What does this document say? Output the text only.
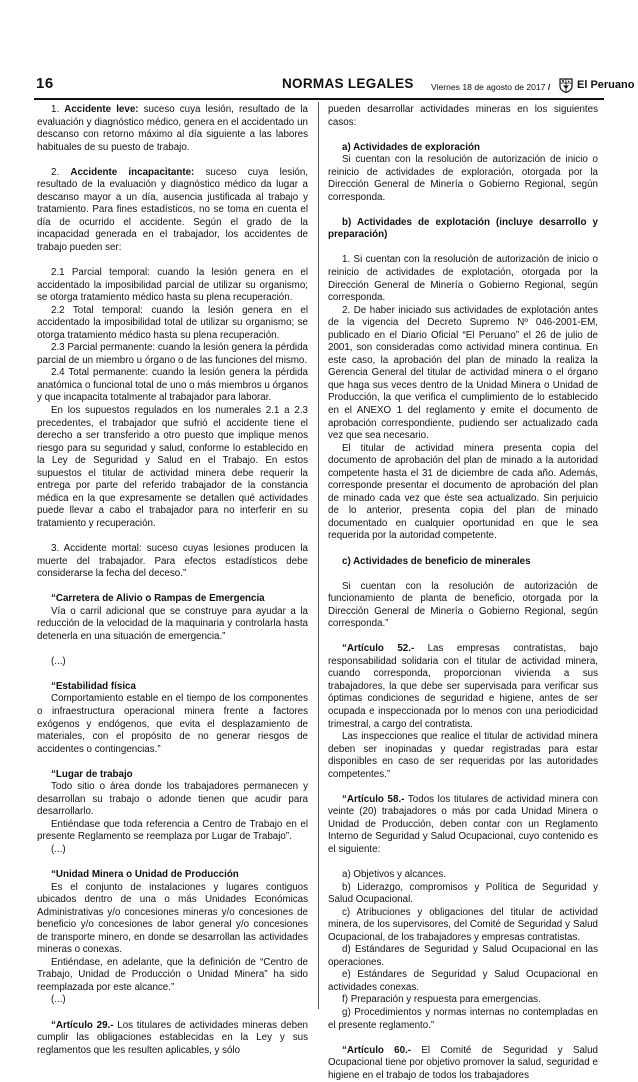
16	NORMAS LEGALES Viernes 18 de agosto de 2017 / El Peruano

1. Accidente leve: suceso cuya lesión, resultado de la evaluación y diagnóstico médico, genera en el accidentado un descanso con retorno máximo al día siguiente a las labores habituales de su puesto de trabajo.

2. Accidente incapacitante: suceso cuya lesión, resultado de la evaluación y diagnóstico médico da lugar a descanso mayor a un día, ausencia justificada al trabajo y tratamiento. Para fines estadísticos, no se toma en cuenta el día de ocurrido el accidente. Según el grado de la incapacidad generada en el trabajador, los accidentes de trabajo pueden ser:

2.1 Parcial temporal: cuando la lesión genera en el accidentado la imposibilidad parcial de utilizar su organismo; se otorga tratamiento médico hasta su plena recuperación.

2.2 Total temporal: cuando la lesión genera en el accidentado la imposibilidad total de utilizar su organismo; se otorga tratamiento médico hasta su plena recuperación.

2.3 Parcial permanente: cuando la lesión genera la pérdida parcial de un miembro u órgano o de las funciones del mismo.

2.4 Total permanente: cuando la lesión genera la pérdida anatómica o funcional total de uno o más miembros u órganos y que incapacita totalmente al trabajador para laborar.

En los supuestos regulados en los numerales 2.1 a 2.3 precedentes, el trabajador que sufrió el accidente tiene el derecho a ser transferido a otro puesto que implique menos riesgo para su seguridad y salud, conforme lo establecido en la Ley de Seguridad y Salud en el Trabajo. En estos supuestos el titular de actividad minera debe requerir la entrega por parte del referido trabajador de la constancia médica en la que expresamente se detallen qué actividades puede llevar a cabo el trabajador para no interferir en su tratamiento y recuperación.

3. Accidente mortal: suceso cuyas lesiones producen la muerte del trabajador. Para efectos estadísticos debe considerarse la fecha del deceso.”

“Carretera de Alivio o Rampas de Emergencia

Vía o carril adicional que se construye para ayudar a la reducción de la velocidad de la maquinaria y controlarla hasta detenerla en una situación de emergencia.”

(...)

“Estabilidad física

Comportamiento estable en el tiempo de los componentes o infraestructura operacional minera frente a factores exógenos y endógenos, que evita el desplazamiento de materiales, con el propósito de no generar riesgos de accidentes o contingencias.”

“Lugar de trabajo

Todo sitio o área donde los trabajadores permanecen y desarrollan su trabajo o adonde tienen que acudir para desarrollarlo.

Entiéndase que toda referencia a Centro de Trabajo en el presente Reglamento se reemplaza por Lugar de Trabajo”.

(...)

“Unidad Minera o Unidad de Producción

Es el conjunto de instalaciones y lugares contiguos ubicados dentro de una o más Unidades Económicas Administrativas y/o concesiones mineras y/o concesiones de beneficio y/o concesiones de labor general y/o concesiones de transporte minero, en donde se desarrollan las actividades mineras o conexas.

Entiéndase, en adelante, que la definición de “Centro de Trabajo, Unidad de Producción o Unidad Minera” ha sido reemplazada por este alcance.”

(...)

“Artículo 29.- Los titulares de actividades mineras deben cumplir las obligaciones establecidas en la Ley y sus reglamentos que les resulten aplicables, y sólo

pueden desarrollar actividades mineras en los siguientes casos:

a) Actividades de exploración

Si cuentan con la resolución de autorización de inicio o reinicio de actividades de exploración, otorgada por la Dirección General de Minería o Gobierno Regional, según corresponda.

b) Actividades de explotación (incluye desarrollo y preparación)

1. Si cuentan con la resolución de autorización de inicio o reinicio de actividades de explotación, otorgada por la Dirección General de Minería o Gobierno Regional, según corresponda.

2. De haber iniciado sus actividades de explotación antes de la vigencia del Decreto Supremo Nº 046-2001-EM, publicado en el Diario Oficial “El Peruano” el 26 de julio de 2001, son consideradas como actividad minera continua. En este caso, la aprobación del plan de minado la realiza la Gerencia General del titular de actividad minera o el órgano que haga sus veces dentro de la Unidad Minera o Unidad de Producción, la que verifica el cumplimiento de lo establecido en el ANEXO 1 del reglamento y emite el documento de aprobación correspondiente, pudiendo ser actualizado cada vez que sea necesario.

El titular de actividad minera presenta copia del documento de aprobación del plan de minado a la autoridad competente hasta el 31 de diciembre de cada año. Además, corresponde presentar el documento de aprobación del plan de minado cada vez que éste sea actualizado. Sin perjuicio de lo anterior, presenta copia del plan de minado documentado en cualquier oportunidad en que le sea requerida por la autoridad competente.

c) Actividades de beneficio de minerales

Si cuentan con la resolución de autorización de funcionamiento de planta de beneficio, otorgada por la Dirección General de Minería o Gobierno Regional, según corresponda.”

“Artículo 52.- Las empresas contratistas, bajo responsabilidad solidaria con el titular de actividad minera, cuando corresponda, proporcionan vivienda a sus trabajadores, la que debe ser supervisada para verificar sus óptimas condiciones de seguridad e higiene, antes de ser ocupada e inspeccionada por lo menos con una periodicidad trimestral, a cargo del contratista.

Las inspecciones que realice el titular de actividad minera deben ser inopinadas y quedar registradas para estar disponibles en caso de ser requeridas por las autoridades competentes.”

“Artículo 58.- Todos los titulares de actividad minera con veinte (20) trabajadores o más por cada Unidad Minera o Unidad de Producción, deben contar con un Reglamento Interno de Seguridad y Salud Ocupacional, cuyo contenido es el siguiente:

a) Objetivos y alcances.

b) Liderazgo, compromisos y Política de Seguridad y Salud Ocupacional.

c) Atribuciones y obligaciones del titular de actividad minera, de los supervisores, del Comité de Seguridad y Salud Ocupacional, de los trabajadores y empresas contratistas.

d) Estándares de Seguridad y Salud Ocupacional en las operaciones.

e) Estándares de Seguridad y Salud Ocupacional en actividades conexas.

f) Preparación y respuesta para emergencias.

g) Procedimientos y normas internas no contempladas en el presente reglamento.”

“Artículo 60.- El Comité de Seguridad y Salud Ocupacional tiene por objetivo promover la salud, seguridad e higiene en el trabajo de todos los trabajadores
